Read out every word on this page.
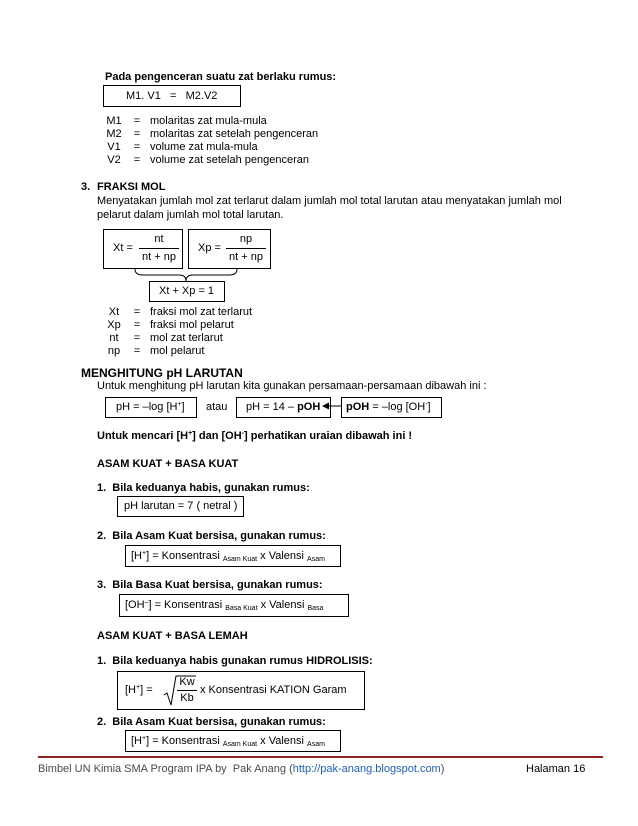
Pada pengenceran suatu zat berlaku rumus:
M1. V1   =   M2.V2
M1	=	molaritas zat mula-mula
M2	=	molaritas zat setelah pengenceran
V1	=	volume zat mula-mula
V2	=	volume zat setelah pengenceran
3. FRAKSI MOL
Menyatakan jumlah mol zat terlarut dalam jumlah mol total larutan atau menyatakan jumlah mol
pelarut dalam jumlah mol total larutan.
Xt =
nt
nt + np
Xp =
np
nt + np
Xt + Xp = 1
Xt	=	fraksi mol zat terlarut
Xp	=	fraksi mol pelarut
nt	=	mol zat terlarut
np	=	mol pelarut
MENGHITUNG pH LARUTAN
Untuk menghitung pH larutan kita gunakan persamaan-persamaan dibawah ini :
pH = –log [H+] atau pH = 14 – pOH pOH = –log [OH-]
Untuk mencari [H+] dan [OH-] perhatikan uraian dibawah ini !
ASAM KUAT + BASA KUAT
1.  Bila keduanya habis, gunakan rumus:
pH larutan = 7 ( netral )
2.  Bila Asam Kuat bersisa, gunakan rumus:
[H+] = Konsentrasi $_{Asam Kuat}$ x Valensi $_{Asam}$
3.  Bila Basa Kuat bersisa, gunakan rumus:
[OH–] = Konsentrasi $_{Basa Kuat}$ x Valensi $_{Basa}$
ASAM KUAT + BASA LEMAH
1.  Bila keduanya habis gunakan rumus HIDROLISIS:
[H+] =
Kw
Kb
x Konsentrasi KATION Garam
2.  Bila Asam Kuat bersisa, gunakan rumus:
[H+] = Konsentrasi $_{Asam Kuat}$ x Valensi $_{Asam}$
Bimbel UN Kimia SMA Program IPA by  Pak Anang (http://pak-anang.blogspot.com)	Halaman 16
